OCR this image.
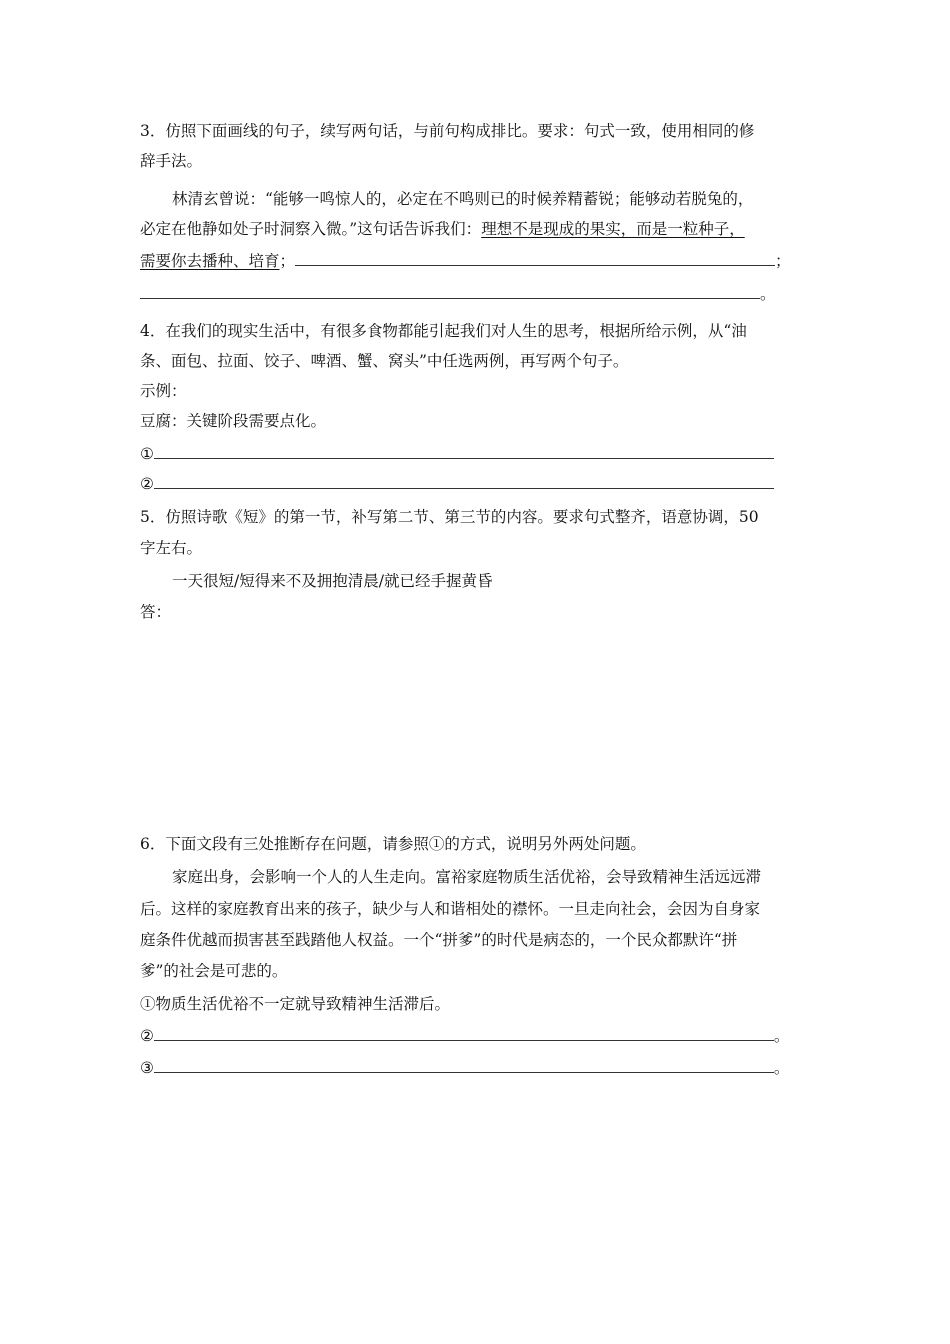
3．仿照下面画线的句子，续写两句话，与前句构成排比。要求：句式一致，使用相同的修
辞手法。
林清玄曾说：“能够一鸣惊人的，必定在不鸣则已的时候养精蓄锐；能够动若脱兔的，
必定在他静如处子时洞察入微。”这句话告诉我们：理想不是现成的果实，而是一粒种子，
需要你去播种、培育；	；
。
4．在我们的现实生活中，有很多食物都能引起我们对人生的思考，根据所给示例，从“油
条、面包、拉面、饺子、啤酒、蟹、窝头”中任选两例，再写两个句子。
示例：
豆腐：关键阶段需要点化。
①
②
5．仿照诗歌《短》的第一节，补写第二节、第三节的内容。要求句式整齐，语意协调，50
字左右。
一天很短/短得来不及拥抱清晨/就已经手握黄昏
答：
6．下面文段有三处推断存在问题，请参照①的方式，说明另外两处问题。
家庭出身，会影响一个人的人生走向。富裕家庭物质生活优裕，会导致精神生活远远滞
后。这样的家庭教育出来的孩子，缺少与人和谐相处的襟怀。一旦走向社会，会因为自身家
庭条件优越而损害甚至践踏他人权益。一个“拼爹”的时代是病态的，一个民众都默许“拼
爹”的社会是可悲的。
①物质生活优裕不一定就导致精神生活滞后。
②	。
③	。
